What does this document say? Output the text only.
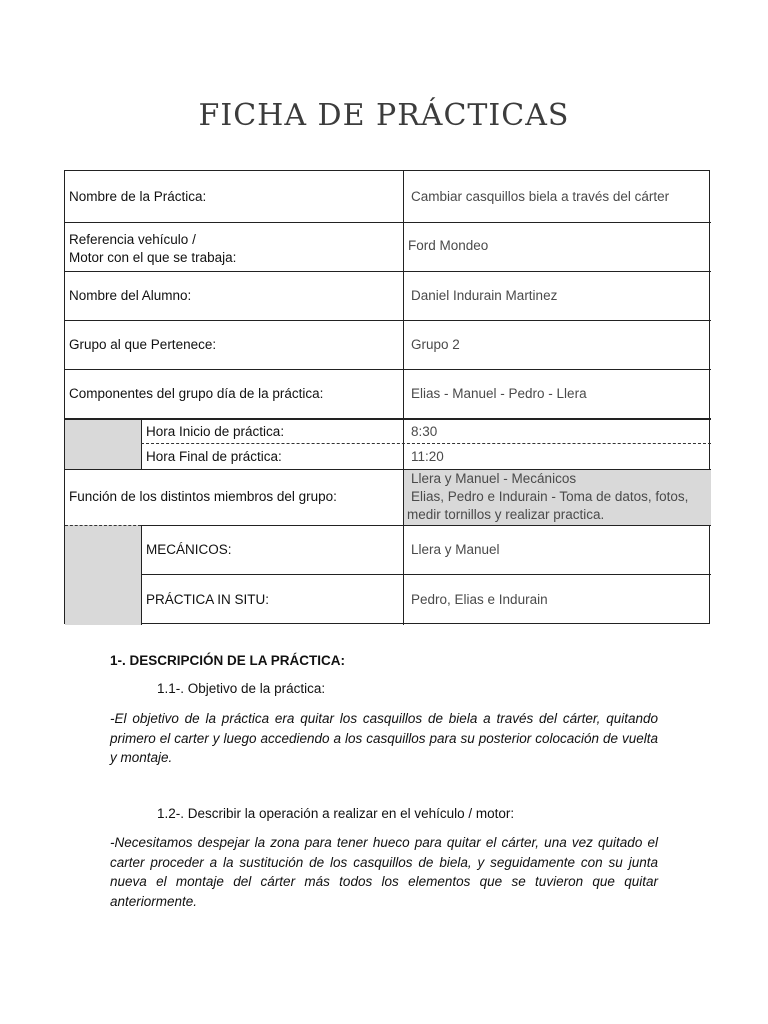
FICHA DE PRÁCTICAS
Nombre de la Práctica:	Cambiar casquillos biela a través del cárter
Referencia vehículo /
Motor con el que se trabaja:
Ford Mondeo
Nombre del Alumno:	Daniel Indurain Martinez
Grupo al que Pertenece:	Grupo 2
Componentes del grupo día de la práctica:	Elias - Manuel - Pedro - Llera
Hora Inicio de práctica:	8:30
Hora Final de práctica:	11:20
Función de los distintos miembros del grupo:
Llera y Manuel - Mecánicos
Elias, Pedro e Indurain - Toma de datos, fotos,
medir tornillos y realizar practica.
MECÁNICOS:	Llera y Manuel
PRÁCTICA IN SITU:	Pedro, Elias e Indurain
1-. DESCRIPCIÓN DE LA PRÁCTICA:
1.1-. Objetivo de la práctica:
-El objetivo de la práctica era quitar los casquillos de biela a través del cárter, quitando primero el carter y luego accediendo a los casquillos para su posterior colocación de vuelta y montaje.
1.2-. Describir la operación a realizar en el vehículo / motor:
-Necesitamos despejar la zona para tener hueco para quitar el cárter, una vez quitado el carter proceder a la sustitución de los casquillos de biela, y seguidamente con su junta nueva el montaje del cárter más todos los elementos que se tuvieron que quitar anteriormente.
